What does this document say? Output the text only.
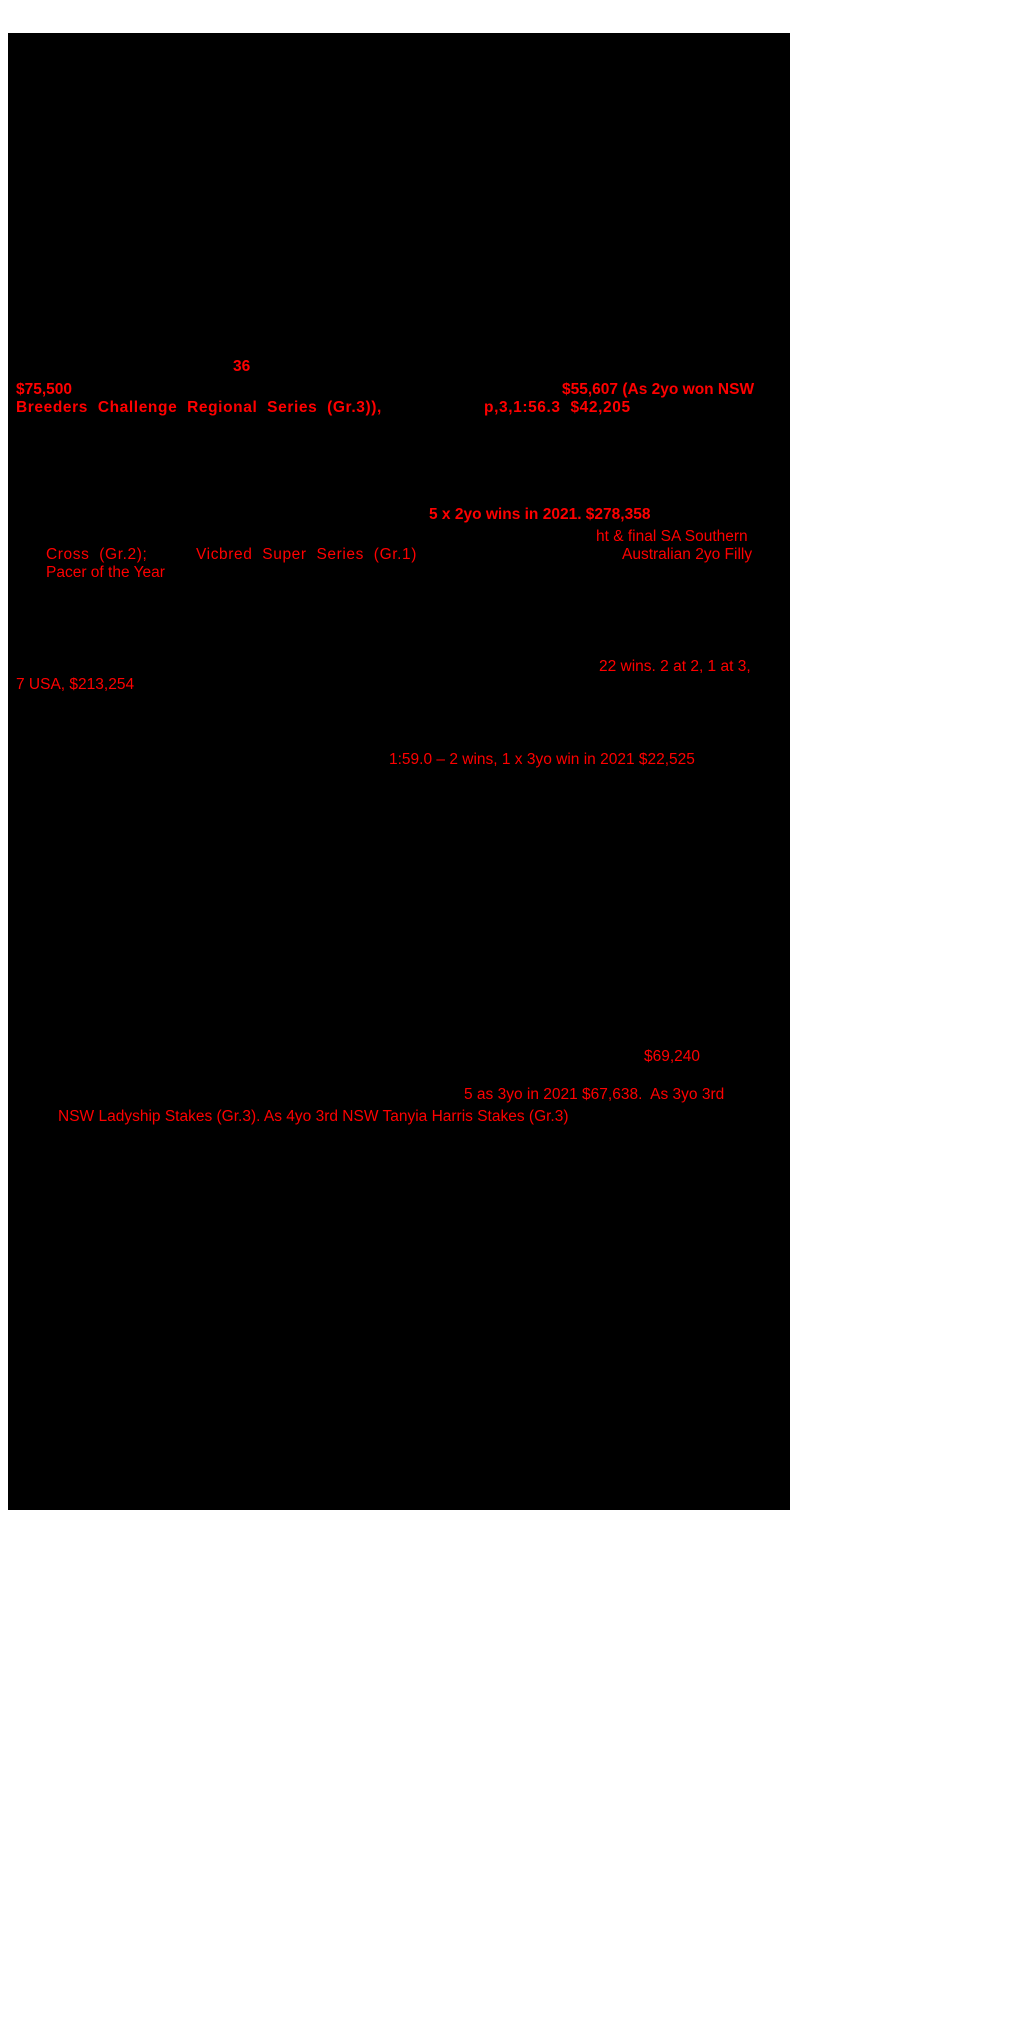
36
$75,500	$55,607 (As 2yo won NSW
Breeders  Challenge  Regional  Series  (Gr.3)),	p,3,1:56.3  $42,205
5 x 2yo wins in 2021. $278,358
ht & final SA Southern
Cross  (Gr.2);	Vicbred  Super  Series  (Gr.1)	Australian 2yo Filly
Pacer of the Year
22 wins. 2 at 2, 1 at 3,
7 USA, $213,254
1:59.0 – 2 wins, 1 x 3yo win in 2021 $22,525
$69,240
5 as 3yo in 2021 $67,638.  As 3yo 3rd
NSW Ladyship Stakes (Gr.3). As 4yo 3rd NSW Tanyia Harris Stakes (Gr.3)
